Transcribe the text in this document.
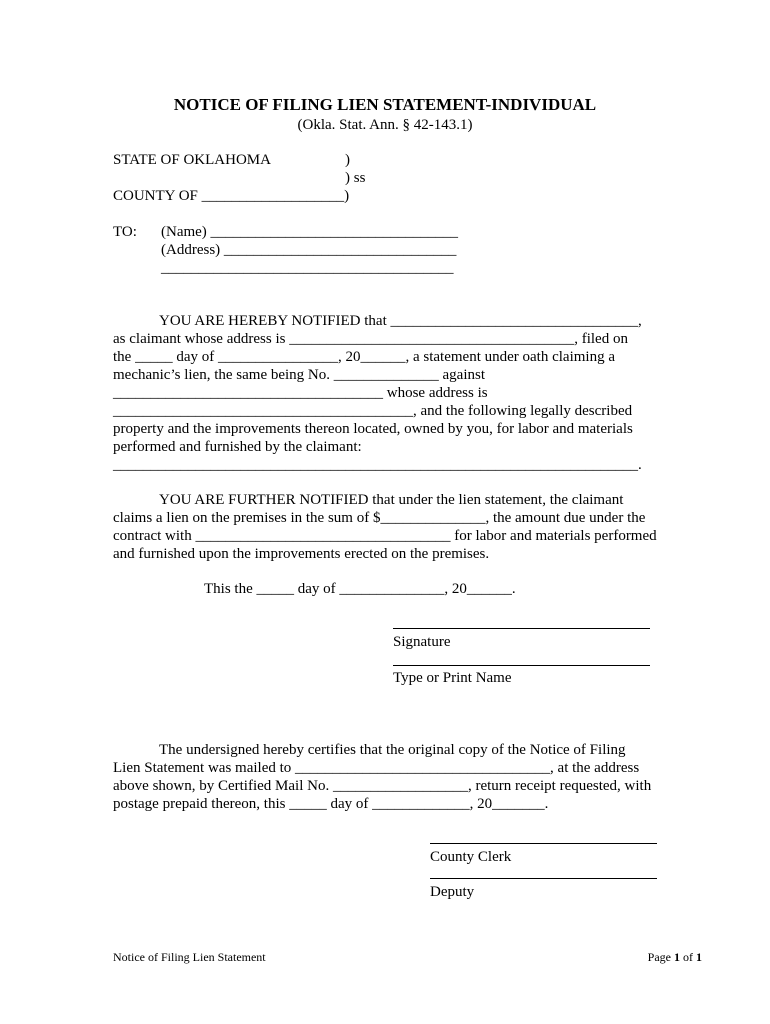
NOTICE OF FILING LIEN STATEMENT-INDIVIDUAL
(Okla. Stat. Ann. § 42-143.1)
STATE OF OKLAHOMA	)
) ss
COUNTY OF ___________________)
TO: (Name) _________________________________
(Address) _______________________________
_______________________________________
YOU ARE HEREBY NOTIFIED that _________________________________,
as claimant whose address is ______________________________________, filed on
the _____ day of ________________, 20______, a statement under oath claiming a
mechanic’s lien, the same being No. ______________ against
____________________________________ whose address is
________________________________________, and the following legally described
property and the improvements thereon located, owned by you, for labor and materials
performed and furnished by the claimant:
______________________________________________________________________.
YOU ARE FURTHER NOTIFIED that under the lien statement, the claimant
claims a lien on the premises in the sum of $______________, the amount due under the
contract with __________________________________ for labor and materials performed
and furnished upon the improvements erected on the premises.
This the _____ day of ______________, 20______.
Signature
Type or Print Name
The undersigned hereby certifies that the original copy of the Notice of Filing
Lien Statement was mailed to __________________________________, at the address
above shown, by Certified Mail No. __________________, return receipt requested, with
postage prepaid thereon, this _____ day of _____________, 20_______.
County Clerk
Deputy
Notice of Filing Lien Statement	Page 1 of 1
